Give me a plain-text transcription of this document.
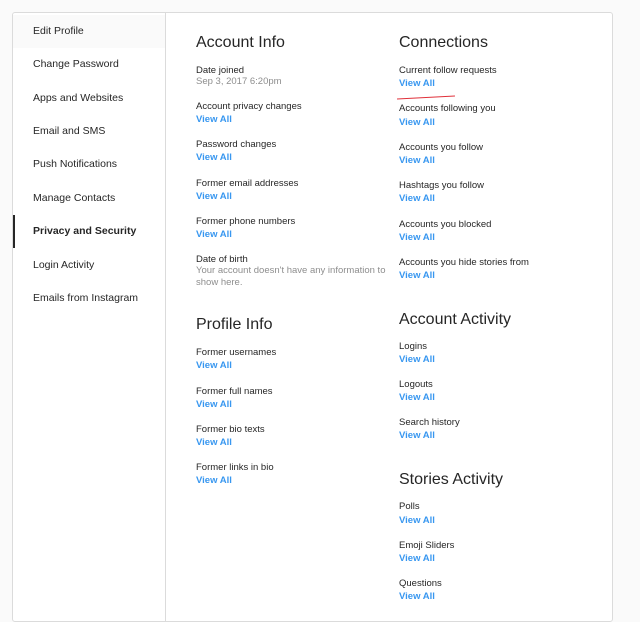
Edit Profile
Change Password
Apps and Websites
Email and SMS
Push Notifications
Manage Contacts
Privacy and Security
Login Activity
Emails from Instagram
Account Info
Date joined
Sep 3, 2017 6:20pm
Account privacy changes
View All
Password changes
View All
Former email addresses
View All
Former phone numbers
View All
Date of birth
Your account doesn't have any information to show here.
Profile Info
Former usernames
View All
Former full names
View All
Former bio texts
View All
Former links in bio
View All
Connections
Current follow requests
View All
Accounts following you
View All
Accounts you follow
View All
Hashtags you follow
View All
Accounts you blocked
View All
Accounts you hide stories from
View All
Account Activity
Logins
View All
Logouts
View All
Search history
View All
Stories Activity
Polls
View All
Emoji Sliders
View All
Questions
View All
